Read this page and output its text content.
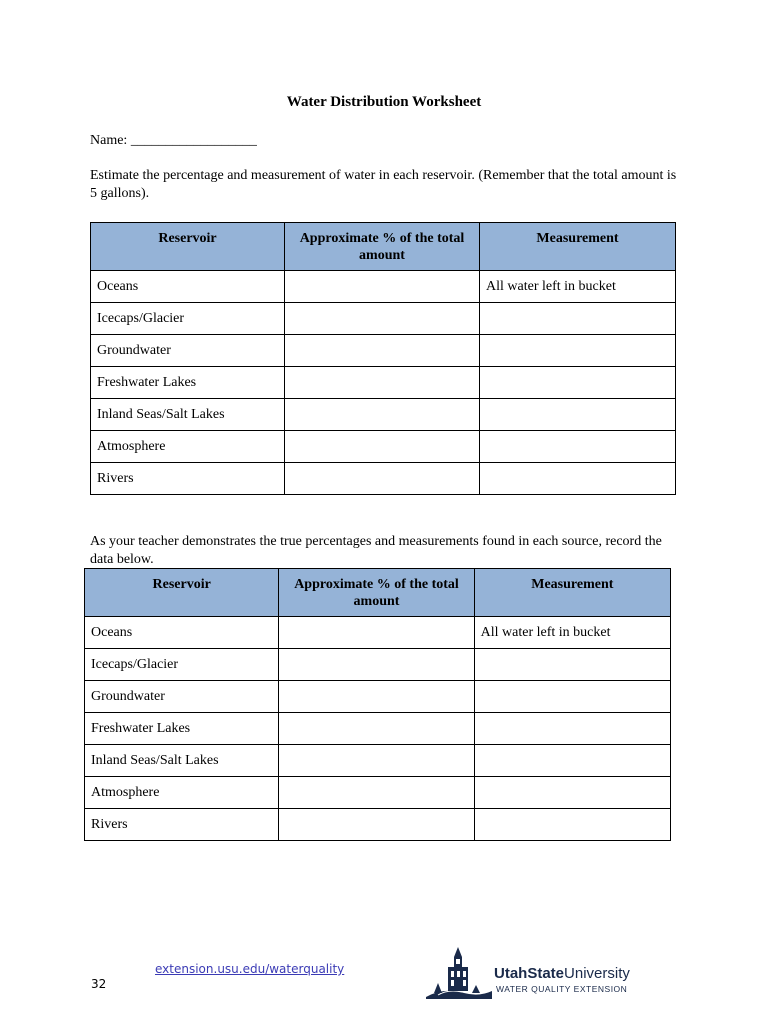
Water Distribution Worksheet
Name: __________________
Estimate the percentage and measurement of water in each reservoir. (Remember that the total amount is 5 gallons).
Reservoir	Approximate % of the total amount	Measurement
Oceans		All water left in bucket
Icecaps/Glacier		
Groundwater		
Freshwater Lakes		
Inland Seas/Salt Lakes		
Atmosphere		
Rivers		
As your teacher demonstrates the true percentages and measurements found in each source, record the data below.
Reservoir	Approximate % of the total amount	Measurement
Oceans		All water left in bucket
Icecaps/Glacier		
Groundwater		
Freshwater Lakes		
Inland Seas/Salt Lakes		
Atmosphere		
Rivers		
extension.usu.edu/waterquality
32
UtahStateUniversity
WATER QUALITY EXTENSION
